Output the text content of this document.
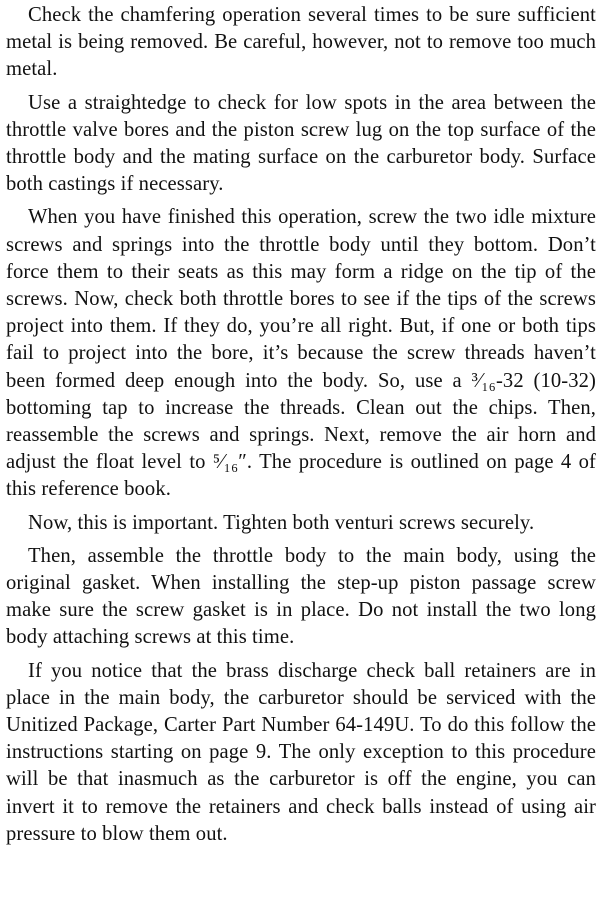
Check the chamfering operation several times to be sure sufficient metal is being removed. Be careful, however, not to remove too much metal.

Use a straightedge to check for low spots in the area between the throttle valve bores and the piston screw lug on the top surface of the throttle body and the mating surface on the carburetor body. Surface both castings if necessary.

When you have finished this operation, screw the two idle mixture screws and springs into the throttle body until they bottom. Don’t force them to their seats as this may form a ridge on the tip of the screws. Now, check both throttle bores to see if the tips of the screws project into them. If they do, you’re all right. But, if one or both tips fail to project into the bore, it’s because the screw threads haven’t been formed deep enough into the body. So, use a ³⁄₁₆-32 (10-32) bottoming tap to increase the threads. Clean out the chips. Then, reassemble the screws and springs. Next, remove the air horn and adjust the float level to ⁵⁄₁₆″. The procedure is outlined on page 4 of this reference book.

Now, this is important. Tighten both venturi screws securely.

Then, assemble the throttle body to the main body, using the original gasket. When installing the step-up piston passage screw make sure the screw gasket is in place. Do not install the two long body attaching screws at this time.

If you notice that the brass discharge check ball retainers are in place in the main body, the carburetor should be serviced with the Unitized Package, Carter Part Number 64-149U. To do this follow the instructions starting on page 9. The only exception to this procedure will be that inasmuch as the carburetor is off the engine, you can invert it to remove the retainers and check balls instead of using air pressure to blow them out.
